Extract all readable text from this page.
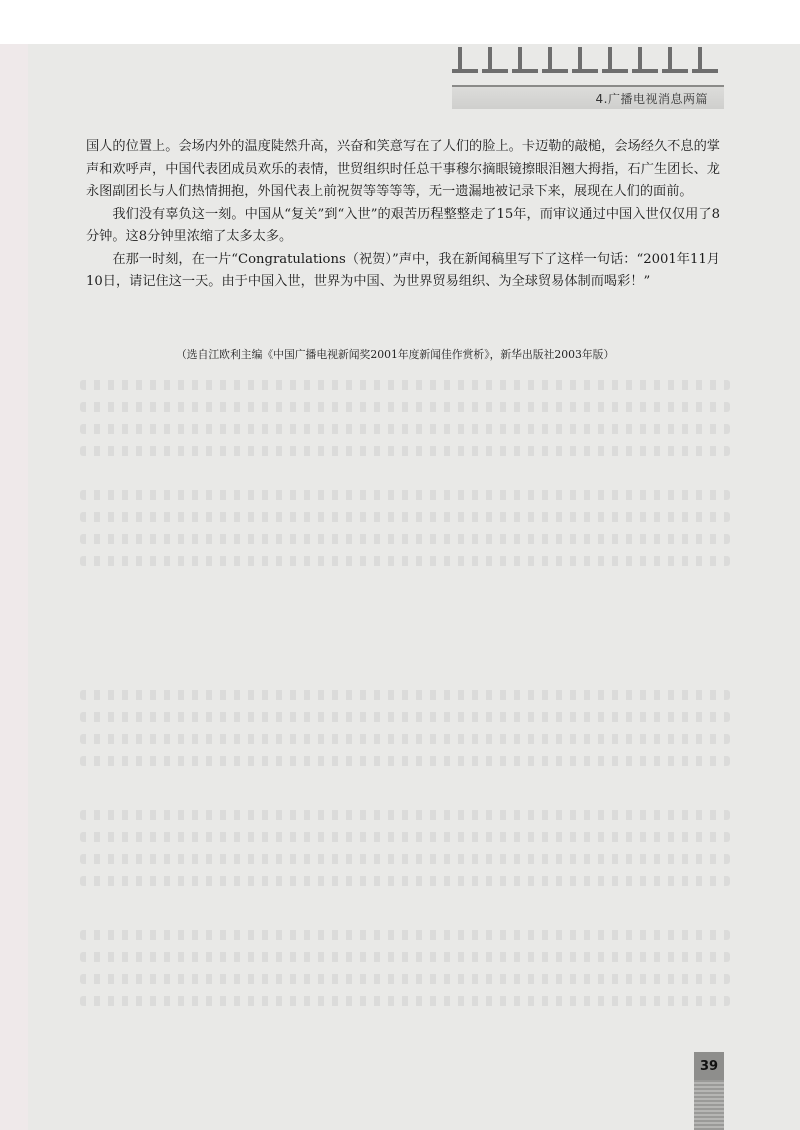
4.广播电视消息两篇

国人的位置上。会场内外的温度陡然升高，兴奋和笑意写在了人们的脸上。卡迈勒的敲槌，会场经久不息的掌声和欢呼声，中国代表团成员欢乐的表情，世贸组织时任总干事穆尔摘眼镜擦眼泪翘大拇指，石广生团长、龙永图副团长与人们热情拥抱，外国代表上前祝贺等等等等，无一遗漏地被记录下来，展现在人们的面前。

我们没有辜负这一刻。中国从“复关”到“入世”的艰苦历程整整走了15年，而审议通过中国入世仅仅用了8分钟。这8分钟里浓缩了太多太多。

在那一时刻，在一片“Congratulations（祝贺）”声中，我在新闻稿里写下了这样一句话：“2001年11月10日，请记住这一天。由于中国入世，世界为中国、为世界贸易组织、为全球贸易体制而喝彩！”

（选自江欧利主编《中国广播电视新闻奖2001年度新闻佳作赏析》，新华出版社2003年版）
39
